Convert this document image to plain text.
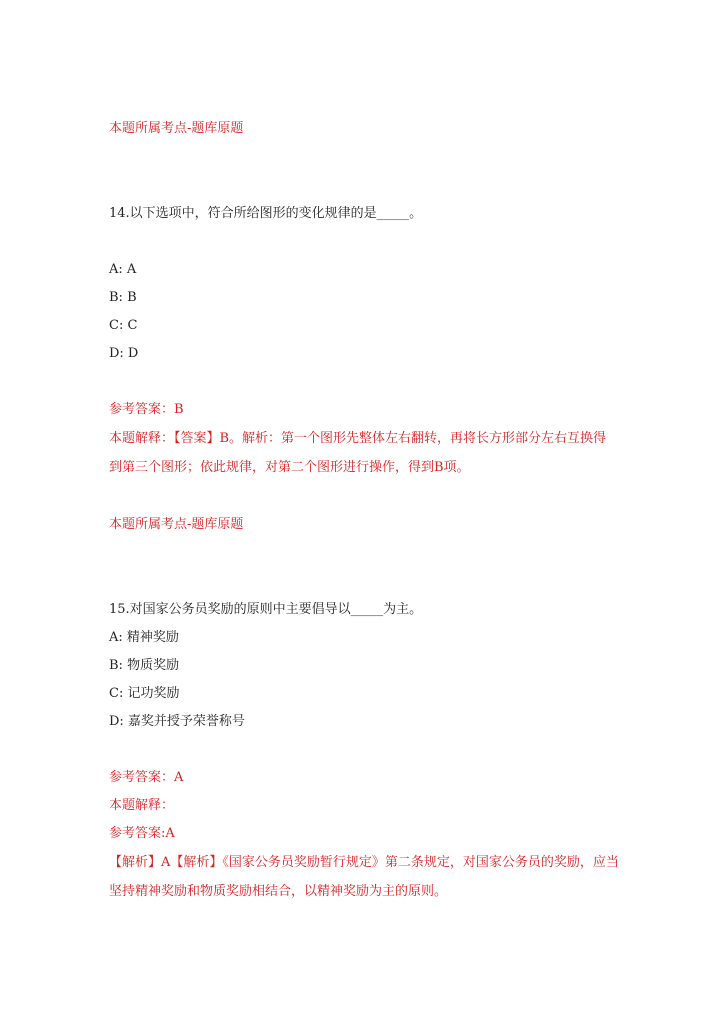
本题所属考点-题库原题
14.以下选项中，符合所给图形的变化规律的是_____。
A: A
B: B
C: C
D: D
参考答案：B
本题解释：【答案】B。解析：第一个图形先整体左右翻转，再将长方形部分左右互换得到第三个图形；依此规律，对第二个图形进行操作，得到B项。
本题所属考点-题库原题
15.对国家公务员奖励的原则中主要倡导以_____为主。
A: 精神奖励
B: 物质奖励
C: 记功奖励
D: 嘉奖并授予荣誉称号
参考答案：A
本题解释：
参考答案:A
【解析】A【解析】《国家公务员奖励暂行规定》第二条规定，对国家公务员的奖励，应当坚持精神奖励和物质奖励相结合，以精神奖励为主的原则。
